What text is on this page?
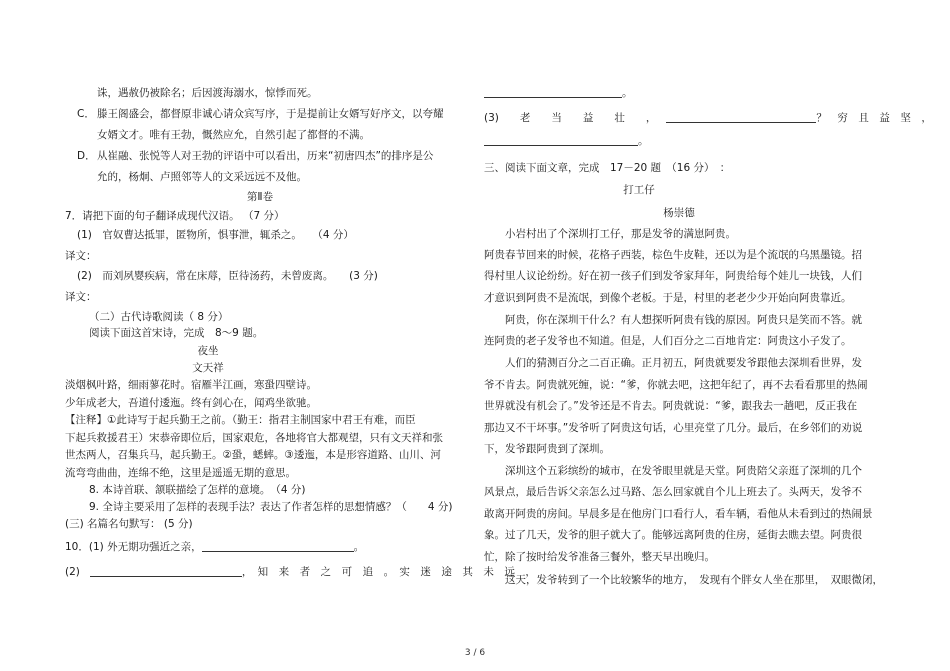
诛，遇赦仍被除名；后因渡海溺水，惊悸而死。
C． 滕王阁盛会，都督原非诚心请众宾写序，于是提前让女婿写好序文，以夸耀
女婿文才。唯有王勃，慨然应允，自然引起了都督的不满。
D． 从崔融、张悦等人对王勃的评语中可以看出，历来“初唐四杰”的排序是公
允的，杨炯、卢照邻等人的文采远远不及他。
第Ⅱ卷
7．请把下面的句子翻译成现代汉语。 （7 分）
(1)　官奴曹达抵罪，匿物所，惧事泄，辄杀之。　　（4 分）
译文：
(2)　而刘夙婴疾病，常在床蓐，臣待汤药，未曾废离。　　(3 分)
译文：
（二）古代诗歌阅读（ 8 分）
阅读下面这首宋诗，完成　8～9 题。
夜坐
文天祥
淡烟枫叶路，细雨蓼花时。宿雁半江画，寒蛩四壁诗。
少年成老大，吾道付逶迤。终有剑心在，闻鸡坐欲驰。
【注释】①此诗写于起兵勤王之前。（勤王：指君主制国家中君王有难，而臣
下起兵救援君王）宋恭帝即位后，国家艰危，各地将官大都观望，只有文天祥和张
世杰两人，召集兵马，起兵勤王。②蛩，蟋蟀。③逶迤，本是形容道路、山川、河
流弯弯曲曲，连绵不绝，这里是遥遥无期的意思。
8. 本诗首联、颔联描绘了怎样的意境。　（4 分)
9. 全诗主要采用了怎样的表现手法？表达了作者怎样的思想情感？（　　4 分)
(三) 名篇名句默写： (5 分)
10．(1) 外无期功强近之亲，	。
(2)	，　知　来　者　之　可　追　。　实　迷　途　其　未　远　，
。
(3)　　老　　当　　益　　壮　　，	？　穷　且　益　坚　，
。
三、阅读下面文章，完成　17－20 题　（16 分）　：
打工仔
杨崇德
小岩村出了个深圳打工仔，那是发爷的满崽阿贵。
阿贵春节回来的时候，花格子西装，棕色牛皮鞋，还以为是个流氓的乌黑墨镜。招
得村里人议论纷纷。好在初一孩子们到发爷家拜年，阿贵给每个娃儿一块钱，人们
才意识到阿贵不是流氓，到像个老板。于是，村里的老老少少开始向阿贵靠近。
阿贵，你在深圳干什么？有人想探听阿贵有钱的原因。阿贵只是笑而不答。就
连阿贵的老子发爷也不知道。但是，人们百分之二百地肯定：阿贵这小子发了。
人们的猜测百分之二百正确。正月初五，阿贵就要发爷跟他去深圳看世界，发
爷不肯去。阿贵就死缠，说：“爹，你就去吧，这把年纪了，再不去看看那里的热闹
世界就没有机会了。”发爷还是不肯去。阿贵就说：“爹，跟我去一趟吧，反正我在
那边又不干坏事。”发爷听了阿贵这句话，心里亮堂了几分。最后，在乡邻们的劝说
下，发爷跟阿贵到了深圳。
深圳这个五彩缤纷的城市，在发爷眼里就是天堂。阿贵陪父亲逛了深圳的几个
风景点，最后告诉父亲怎么过马路、怎么回家就自个儿上班去了。头两天，发爷不
敢离开阿贵的房间。早晨多是在他房门口看行人，看车辆，看他从未看到过的热闹景
象。过了几天，发爷的胆子就大了。能够远离阿贵的住房，延街去瞧去望。阿贵很
忙，除了按时给发爷准备三餐外，整天早出晚归。
这天，发爷转到了一个比较繁华的地方，　发现有个胖女人坐在那里，　双眼微闭，
3 / 6
